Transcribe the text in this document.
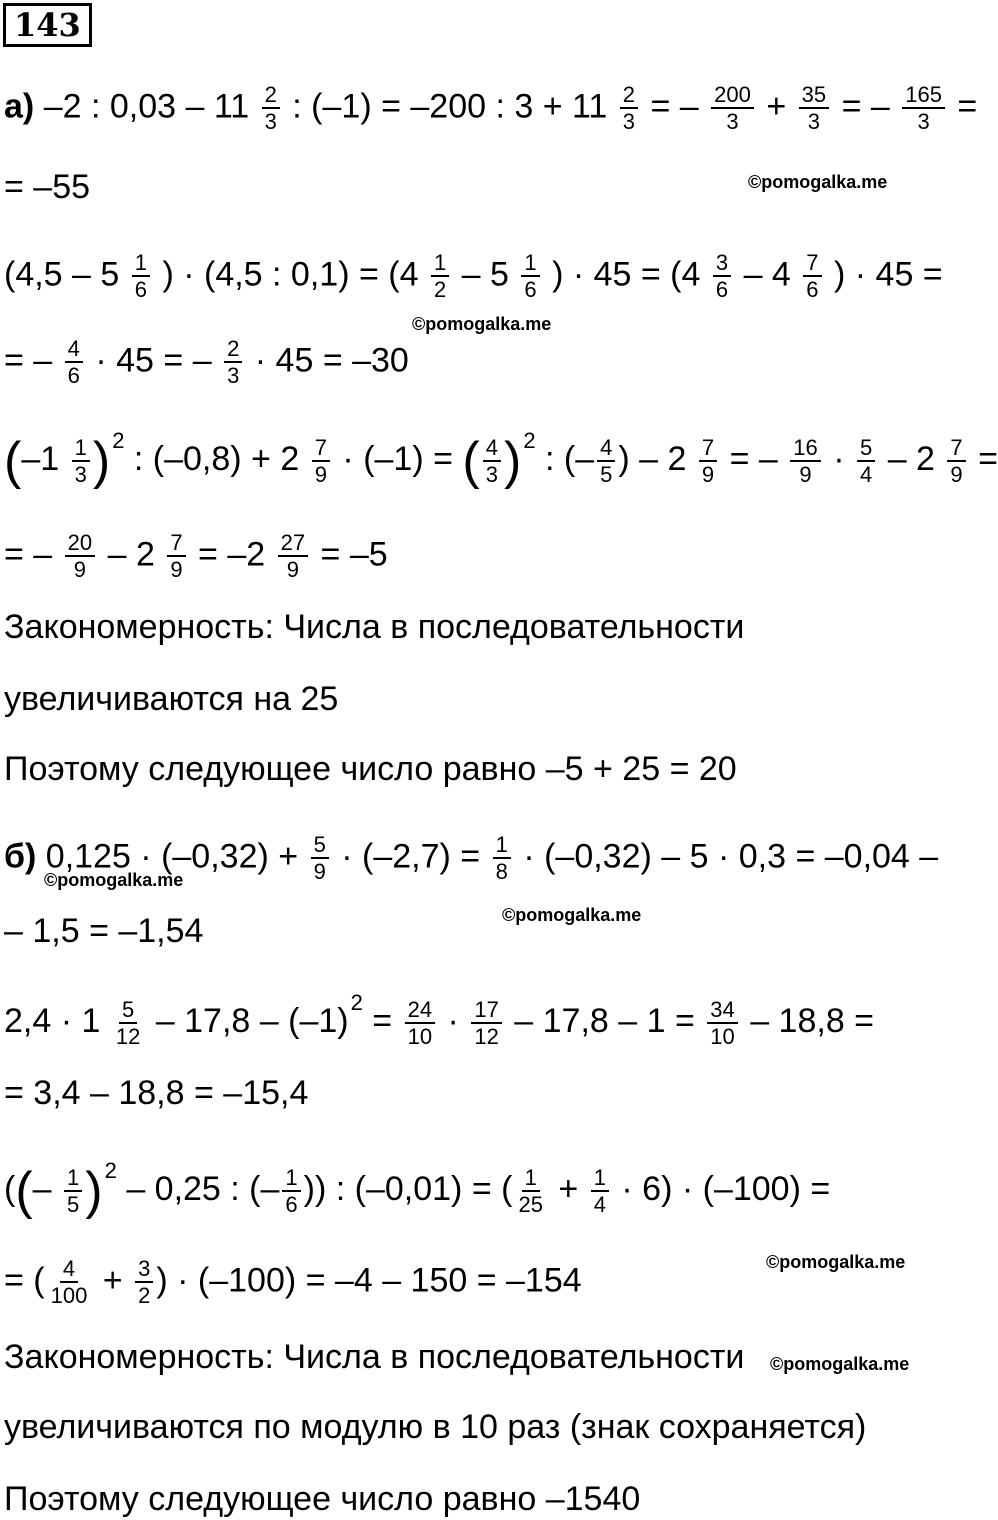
143
а) –2 : $0,03 - 11 \frac{2}{3}$ : (–1) = –200 : $3 + 11 \frac{2}{3}$ = – $\frac{200}{3} + \frac{35}{3}$ = – $\frac{165}{3}$ =
= –55	©pomogalka.me
($4,5 - 5 \frac{1}{6}$ ) · (4,5 : $0,1) = (4 \frac{1}{2} - 5 \frac{1}{6}$ ) · $45 = (4 \frac{3}{6} - 4 \frac{7}{6}$ ) · 45 =
©pomogalka.me
= – $\frac{4}{6} \cdot 45$ = – $\frac{2}{3} \cdot 45 = -30$
$(-1 \frac{1}{3} )^2$ : $(-0,8) + 2 \frac{7}{9} \cdot (-1)$ = ( $\frac{4}{3} )^2$ : (– $\frac{4}{5}$ ) – $2 \frac{7}{9}$ = – $\frac{16}{9} \cdot \frac{5}{4} - 2 \frac{7}{9}$ =
= – $\frac{20}{9} - 2 \frac{7}{9} = -2 \frac{27}{9} = -5$
Закономерность: Числа в последовательности
увеличиваются на 25
Поэтому следующее число равно –5 + 25 = 20
б) $0,125 \cdot (-0,32) + \frac{5}{9} \cdot (-2,7) = \frac{1}{8} \cdot (-0,32) - 5 \cdot 0,3 = -0,04$ –
©pomogalka.me
©pomogalka.me
– 1,5 = –1,54
$2,4 \cdot 1 \frac{5}{12} - 17,8 - (-1)^2 = \frac{24}{10} \cdot \frac{17}{12} - 17,8 - 1 = \frac{34}{10} - 18,8$ =
= 3,4 – 18,8 = –15,4
((– $\frac{1}{5} )^2 - 0,25$ : (– $\frac{1}{6}$ )) : (–0,01) = ( $\frac{1}{25} + \frac{1}{4} \cdot 6) \cdot (-100)$ =
©pomogalka.me
= ( $\frac{4}{100} + \frac{3}{2}$ ) · (–100) = –4 – 150 = –154
Закономерность: Числа в последовательности ©pomogalka.me
увеличиваются по модулю в 10 раз (знак сохраняется)
Поэтому следующее число равно –1540
